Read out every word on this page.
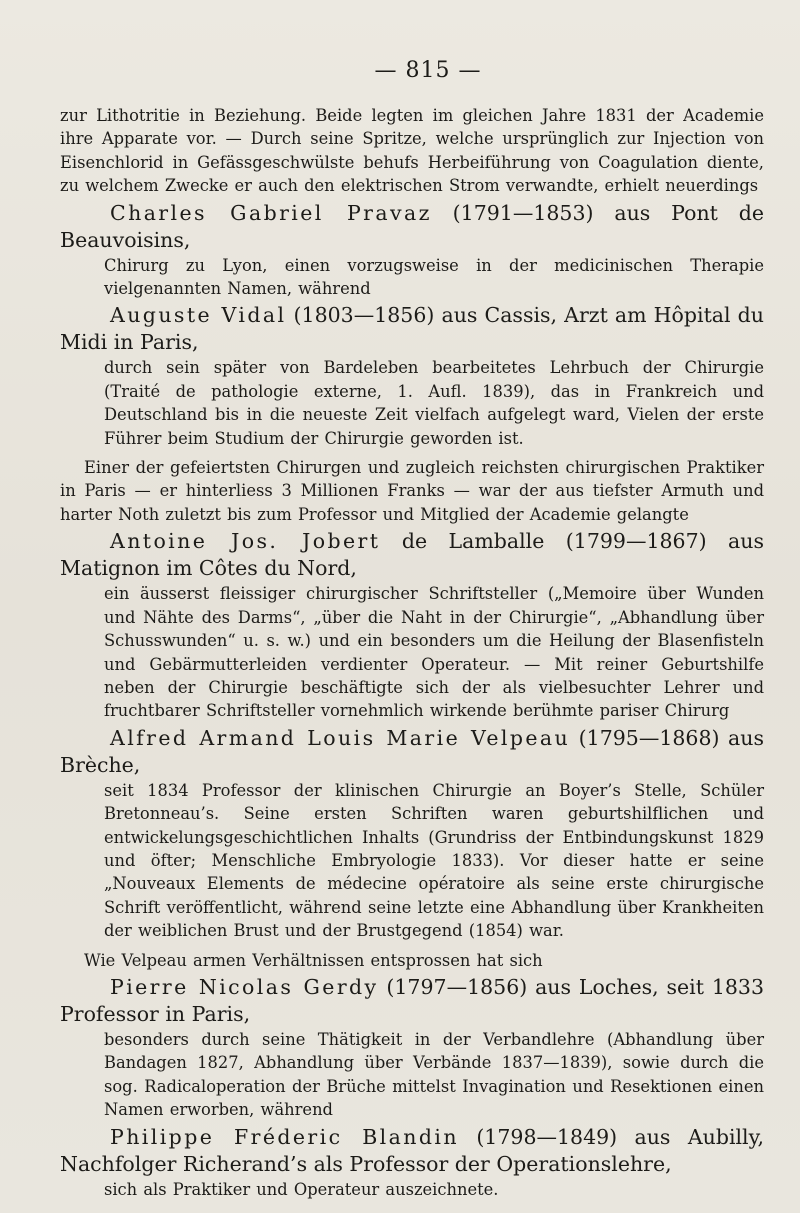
— 815 —

zur Lithotritie in Beziehung. Beide legten im gleichen Jahre 1831 der Academie ihre Apparate vor. — Durch seine Spritze, welche ursprünglich zur Injection von Eisenchlorid in Gefässgeschwülste behufs Herbeiführung von Coagulation diente, zu welchem Zwecke er auch den elektrischen Strom verwandte, erhielt neuerdings

Charles Gabriel Pravaz (1791—1853) aus Pont de Beauvoisins,

Chirurg zu Lyon, einen vorzugsweise in der medicinischen Therapie vielgenannten Namen, während

Auguste Vidal (1803—1856) aus Cassis, Arzt am Hôpital du Midi in Paris,

durch sein später von Bardeleben bearbeitetes Lehrbuch der Chirurgie (Traité de pathologie externe, 1. Aufl. 1839), das in Frankreich und Deutschland bis in die neueste Zeit vielfach aufgelegt ward, Vielen der erste Führer beim Studium der Chirurgie geworden ist.

Einer der gefeiertsten Chirurgen und zugleich reichsten chirurgischen Praktiker in Paris — er hinterliess 3 Millionen Franks — war der aus tiefster Armuth und harter Noth zuletzt bis zum Professor und Mitglied der Academie gelangte

Antoine Jos. Jobert de Lamballe (1799—1867) aus Matignon im Côtes du Nord,

ein äusserst fleissiger chirurgischer Schriftsteller („Memoire über Wunden und Nähte des Darms“, „über die Naht in der Chirurgie“, „Abhandlung über Schusswunden“ u. s. w.) und ein besonders um die Heilung der Blasenfisteln und Gebärmutterleiden verdienter Operateur. — Mit reiner Geburtshilfe neben der Chirurgie beschäftigte sich der als vielbesuchter Lehrer und fruchtbarer Schriftsteller vornehmlich wirkende berühmte pariser Chirurg

Alfred Armand Louis Marie Velpeau (1795—1868) aus Brèche,

seit 1834 Professor der klinischen Chirurgie an Boyer’s Stelle, Schüler Bretonneau’s. Seine ersten Schriften waren geburtshilflichen und entwickelungsgeschichtlichen Inhalts (Grundriss der Entbindungskunst 1829 und öfter; Menschliche Embryologie 1833). Vor dieser hatte er seine „Nouveaux Elements de médecine opératoire als seine erste chirurgische Schrift veröffentlicht, während seine letzte eine Abhandlung über Krankheiten der weiblichen Brust und der Brustgegend (1854) war.

Wie Velpeau armen Verhältnissen entsprossen hat sich

Pierre Nicolas Gerdy (1797—1856) aus Loches, seit 1833 Professor in Paris,

besonders durch seine Thätigkeit in der Verbandlehre (Abhandlung über Bandagen 1827, Abhandlung über Verbände 1837—1839), sowie durch die sog. Radicaloperation der Brüche mittelst Invagination und Resektionen einen Namen erworben, während

Philippe Fréderic Blandin (1798—1849) aus Aubilly, Nachfolger Richerand’s als Professor der Operationslehre,

sich als Praktiker und Operateur auszeichnete.
